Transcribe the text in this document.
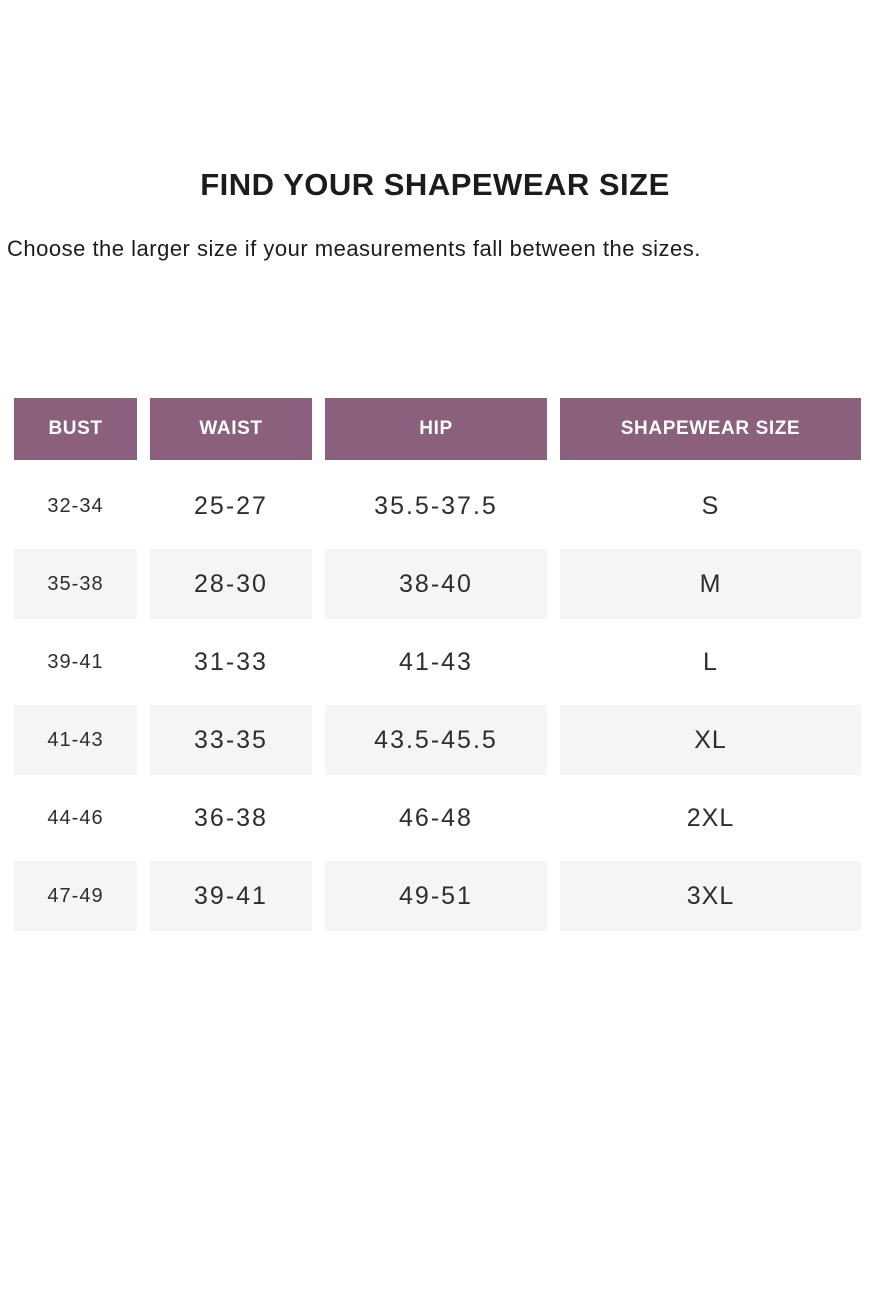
FIND YOUR SHAPEWEAR SIZE

Choose the larger size if your measurements fall between the sizes.

BUST	WAIST	HIP	SHAPEWEAR SIZE
32-34	25-27	35.5-37.5	S
35-38	28-30	38-40	M
39-41	31-33	41-43	L
41-43	33-35	43.5-45.5	XL
44-46	36-38	46-48	2XL
47-49	39-41	49-51	3XL
